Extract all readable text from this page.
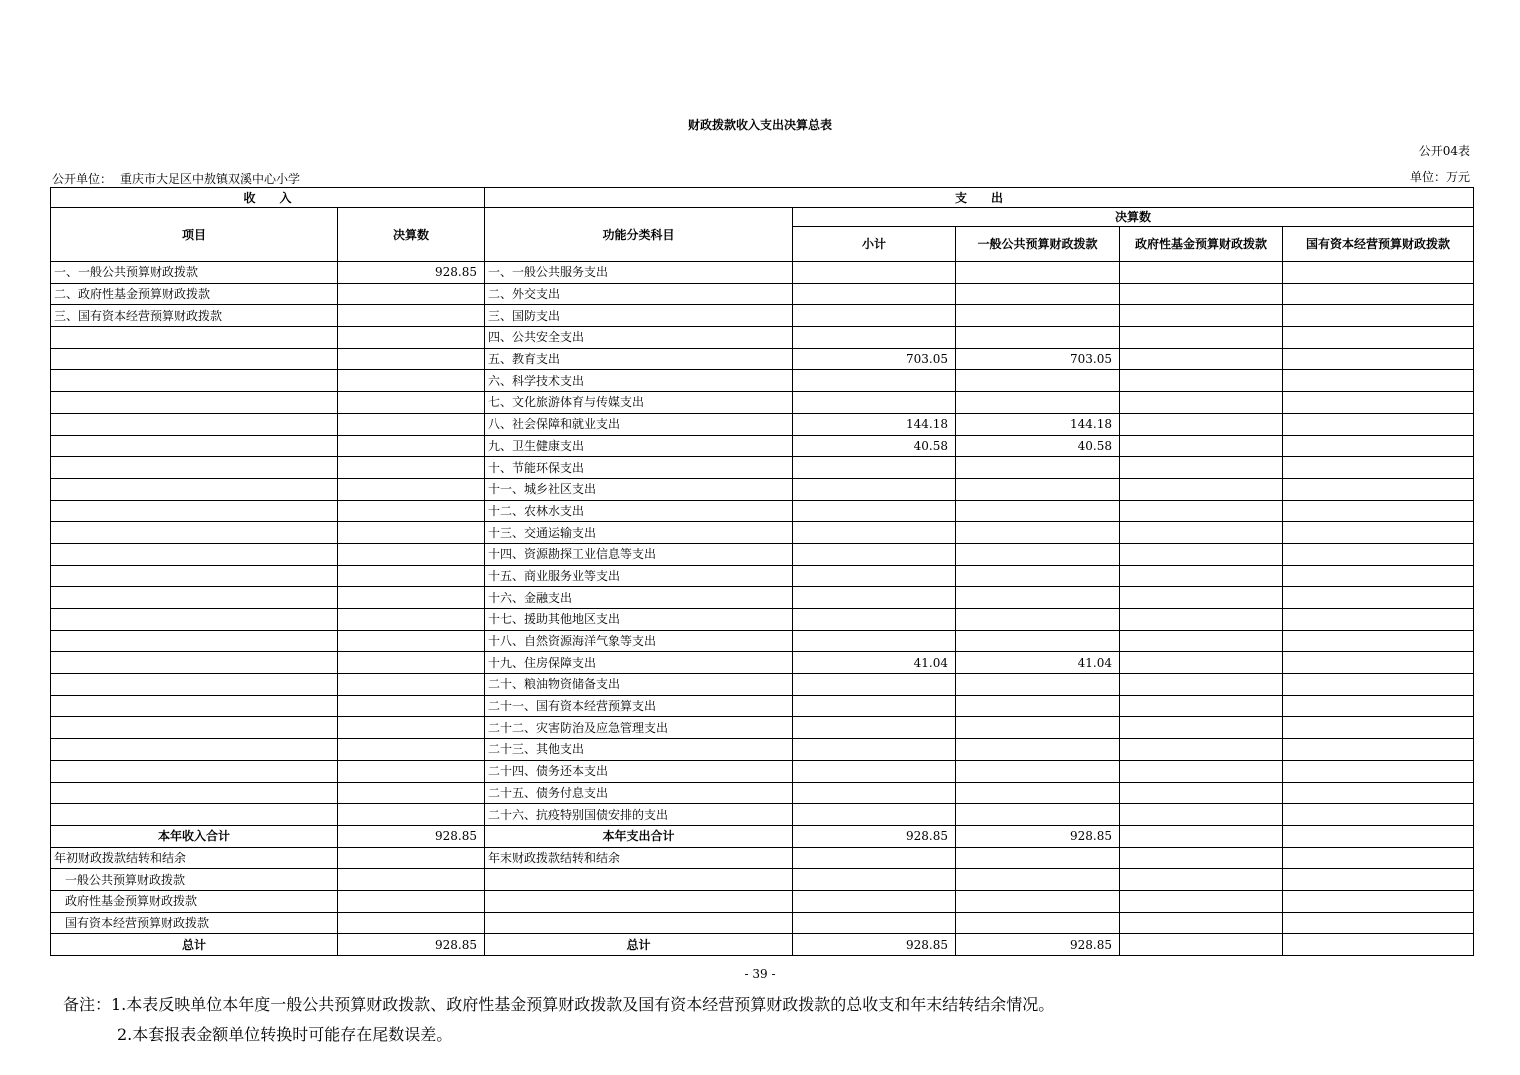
财政拨款收入支出决算总表
公开04表
公开单位： 重庆市大足区中敖镇双溪中心小学	单位：万元
收　　入		支　　出				
项目	决算数	功能分类科目	决算数			
			小计	一般公共预算财政拨款	政府性基金预算财政拨款	国有资本经营预算财政拨款
一、一般公共预算财政拨款	928.85	一、一般公共服务支出				
二、政府性基金预算财政拨款		二、外交支出				
三、国有资本经营预算财政拨款		三、国防支出				
		四、公共安全支出				
		五、教育支出	703.05	703.05		
		六、科学技术支出				
		七、文化旅游体育与传媒支出				
		八、社会保障和就业支出	144.18	144.18		
		九、卫生健康支出	40.58	40.58		
		十、节能环保支出				
		十一、城乡社区支出				
		十二、农林水支出				
		十三、交通运输支出				
		十四、资源勘探工业信息等支出				
		十五、商业服务业等支出				
		十六、金融支出				
		十七、援助其他地区支出				
		十八、自然资源海洋气象等支出				
		十九、住房保障支出	41.04	41.04		
		二十、粮油物资储备支出				
		二十一、国有资本经营预算支出				
		二十二、灾害防治及应急管理支出				
		二十三、其他支出				
		二十四、债务还本支出				
		二十五、债务付息支出				
		二十六、抗疫特别国债安排的支出				
本年收入合计	928.85	本年支出合计	928.85	928.85		
年初财政拨款结转和结余		年末财政拨款结转和结余				
一般公共预算财政拨款						
政府性基金预算财政拨款						
国有资本经营预算财政拨款						
总计	928.85	总计	928.85	928.85		
- 39 -
备注：1.本表反映单位本年度一般公共预算财政拨款、政府性基金预算财政拨款及国有资本经营预算财政拨款的总收支和年末结转结余情况。
2.本套报表金额单位转换时可能存在尾数误差。
